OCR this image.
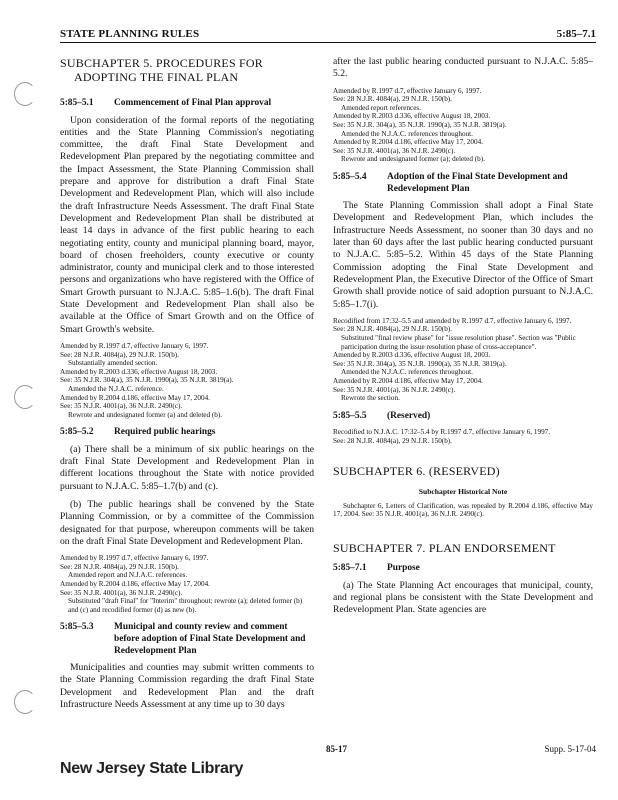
STATE PLANNING RULES	5:85–7.1
SUBCHAPTER 5. PROCEDURES FOR ADOPTING THE FINAL PLAN
5:85–5.1 Commencement of Final Plan approval

Upon consideration of the formal reports of the negotiating entities and the State Planning Commission's negotiating committee, the draft Final State Development and Redevelopment Plan prepared by the negotiating committee and the Impact Assessment, the State Planning Commission shall prepare and approve for distribution a draft Final State Development and Redevelopment Plan, which will also include the draft Infrastructure Needs Assessment. The draft Final State Development and Redevelopment Plan shall be distributed at least 14 days in advance of the first public hearing to each negotiating entity, county and municipal planning board, mayor, board of chosen freeholders, county executive or county administrator, county and municipal clerk and to those interested persons and organizations who have registered with the Office of Smart Growth pursuant to N.J.A.C. 5:85–1.6(b). The draft Final State Development and Redevelopment Plan shall also be available at the Office of Smart Growth and on the Office of Smart Growth's website.

Amended by R.1997 d.7, effective January 6, 1997.
See: 28 N.J.R. 4084(a), 29 N.J.R. 150(b).
Substantially amended section.
Amended by R.2003 d.336, effective August 18, 2003.
See: 35 N.J.R. 304(a), 35 N.J.R. 1990(a), 35 N.J.R. 3819(a).
Amended the N.J.A.C. reference.
Amended by R.2004 d.186, effective May 17, 2004.
See: 35 N.J.R. 4001(a), 36 N.J.R. 2490(c).
Rewrote and undesignated former (a) and deleted (b).
5:85–5.2 Required public hearings

(a) There shall be a minimum of six public hearings on the draft Final State Development and Redevelopment Plan in different locations throughout the State with notice provided pursuant to N.J.A.C. 5:85–1.7(b) and (c).

(b) The public hearings shall be convened by the State Planning Commission, or by a committee of the Commission designated for that purpose, whereupon comments will be taken on the draft Final State Development and Redevelopment Plan.

Amended by R.1997 d.7, effective January 6, 1997.
See: 28 N.J.R. 4084(a), 29 N.J.R. 150(b).
Amended report and N.J.A.C. references.
Amended by R.2004 d.186, effective May 17, 2004.
See: 35 N.J.R. 4001(a), 36 N.J.R. 2490(c).
Substituted "draft Final" for "Interim" throughout; rewrote (a); deleted former (b) and (c) and recodified former (d) as new (b).
5:85–5.3 Municipal and county review and comment before adoption of Final State Development and Redevelopment Plan

Municipalities and counties may submit written comments to the State Planning Commission regarding the draft Final State Development and Redevelopment Plan and the draft Infrastructure Needs Assessment at any time up to 30 days

after the last public hearing conducted pursuant to N.J.A.C. 5:85–5.2.

Amended by R.1997 d.7, effective January 6, 1997.
See: 28 N.J.R. 4084(a), 29 N.J.R. 150(b).
Amended report references.
Amended by R.2003 d.336, effective August 18, 2003.
See: 35 N.J.R. 304(a), 35 N.J.R. 1990(a), 35 N.J.R. 3819(a).
Amended the N.J.A.C. references throughout.
Amended by R.2004 d.186, effective May 17, 2004.
See: 35 N.J.R. 4001(a), 36 N.J.R. 2490(c).
Rewrote and undesignated former (a); deleted (b).
5:85–5.4 Adoption of the Final State Development and Redevelopment Plan

The State Planning Commission shall adopt a Final State Development and Redevelopment Plan, which includes the Infrastructure Needs Assessment, no sooner than 30 days and no later than 60 days after the last public hearing conducted pursuant to N.J.A.C. 5:85–5.2. Within 45 days of the State Planning Commission adopting the Final State Development and Redevelopment Plan, the Executive Director of the Office of Smart Growth shall provide notice of said adoption pursuant to N.J.A.C. 5:85–1.7(i).

Recodified from 17:32–5.5 and amended by R.1997 d.7, effective January 6, 1997.
See: 28 N.J.R. 4084(a), 29 N.J.R. 150(b).
Substituted "final review phase" for "issue resolution phase". Section was "Public participation during the issue resolution phase of cross-acceptance".
Amended by R.2003 d.336, effective August 18, 2003.
See: 35 N.J.R. 304(a), 35 N.J.R. 1990(a), 35 N.J.R. 3819(a).
Amended the N.J.A.C. references throughout.
Amended by R.2004 d.186, effective May 17, 2004.
See: 35 N.J.R. 4001(a), 36 N.J.R. 2490(c).
Rewrote the section.
5:85–5.5 (Reserved)
Recodified to N.J.A.C. 17:32–5.4 by R.1997 d.7, effective January 6, 1997.
See: 28 N.J.R. 4084(a), 29 N.J.R. 150(b).
SUBCHAPTER 6. (RESERVED)
Subchapter Historical Note

Subchapter 6, Letters of Clarification, was repealed by R.2004 d.186, effective May 17, 2004. See: 35 N.J.R. 4001(a), 36 N.J.R. 2490(c).

SUBCHAPTER 7. PLAN ENDORSEMENT
5:85–7.1 Purpose

(a) The State Planning Act encourages that municipal, county, and regional plans be consistent with the State Development and Redevelopment Plan. State agencies are

85-17	Supp. 5-17-04
New Jersey State Library
